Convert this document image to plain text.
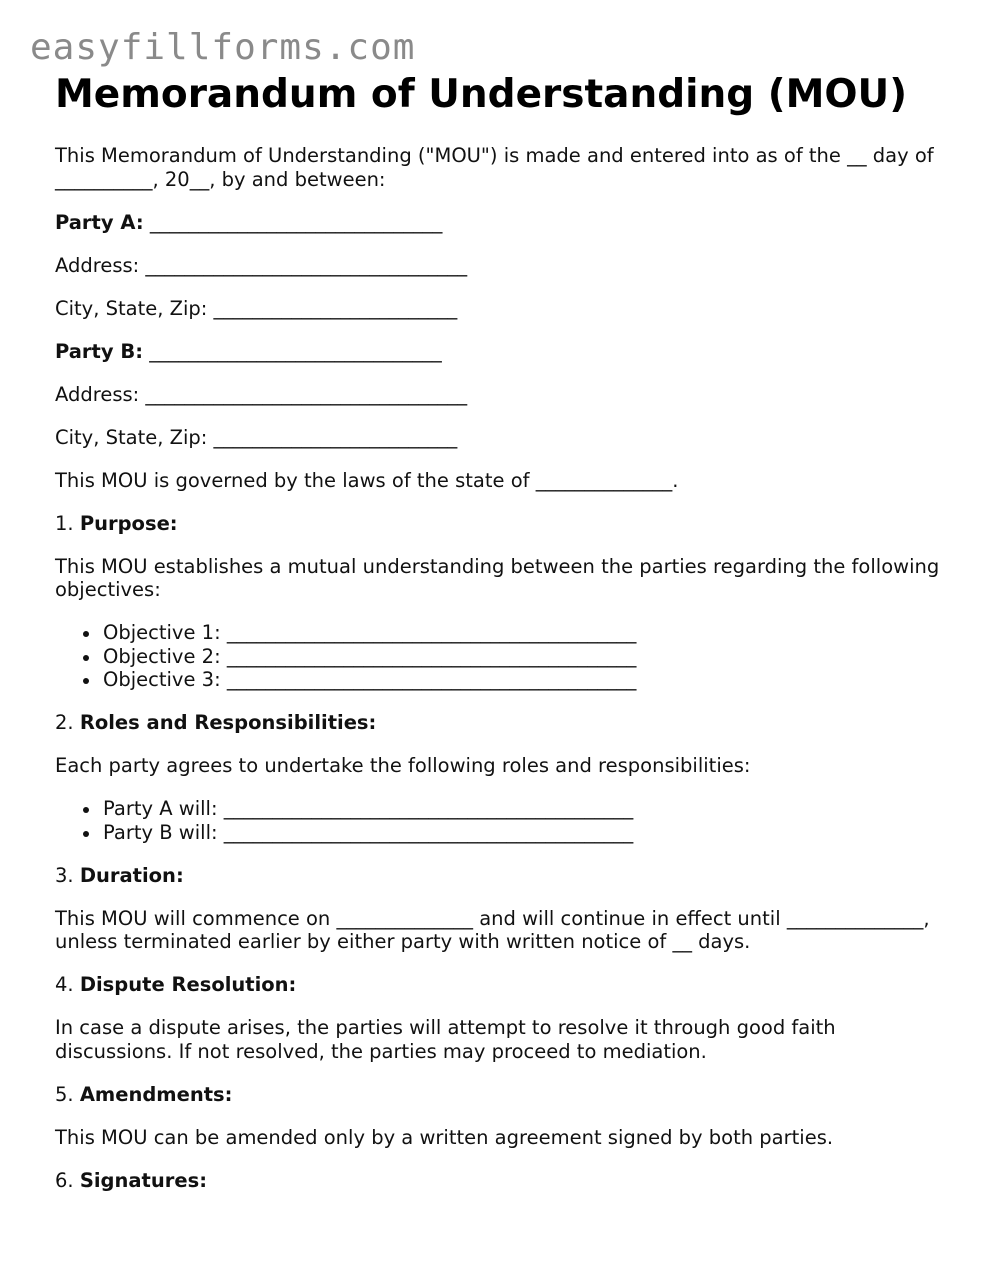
easyfillforms.com
Memorandum of Understanding (MOU)

This Memorandum of Understanding ("MOU") is made and entered into as of the __ day of __________, 20__, by and between:

Party A: ______________________________

Address: _________________________________

City, State, Zip: _________________________

Party B: ______________________________

Address: _________________________________

City, State, Zip: _________________________

This MOU is governed by the laws of the state of ______________.

1. Purpose:

This MOU establishes a mutual understanding between the parties regarding the following objectives:

Objective 1: __________________________________________
Objective 2: __________________________________________
Objective 3: __________________________________________

2. Roles and Responsibilities:

Each party agrees to undertake the following roles and responsibilities:

Party A will: __________________________________________
Party B will: __________________________________________

3. Duration:

This MOU will commence on ______________ and will continue in effect until ______________, unless terminated earlier by either party with written notice of __ days.

4. Dispute Resolution:

In case a dispute arises, the parties will attempt to resolve it through good faith discussions. If not resolved, the parties may proceed to mediation.

5. Amendments:

This MOU can be amended only by a written agreement signed by both parties.

6. Signatures:
